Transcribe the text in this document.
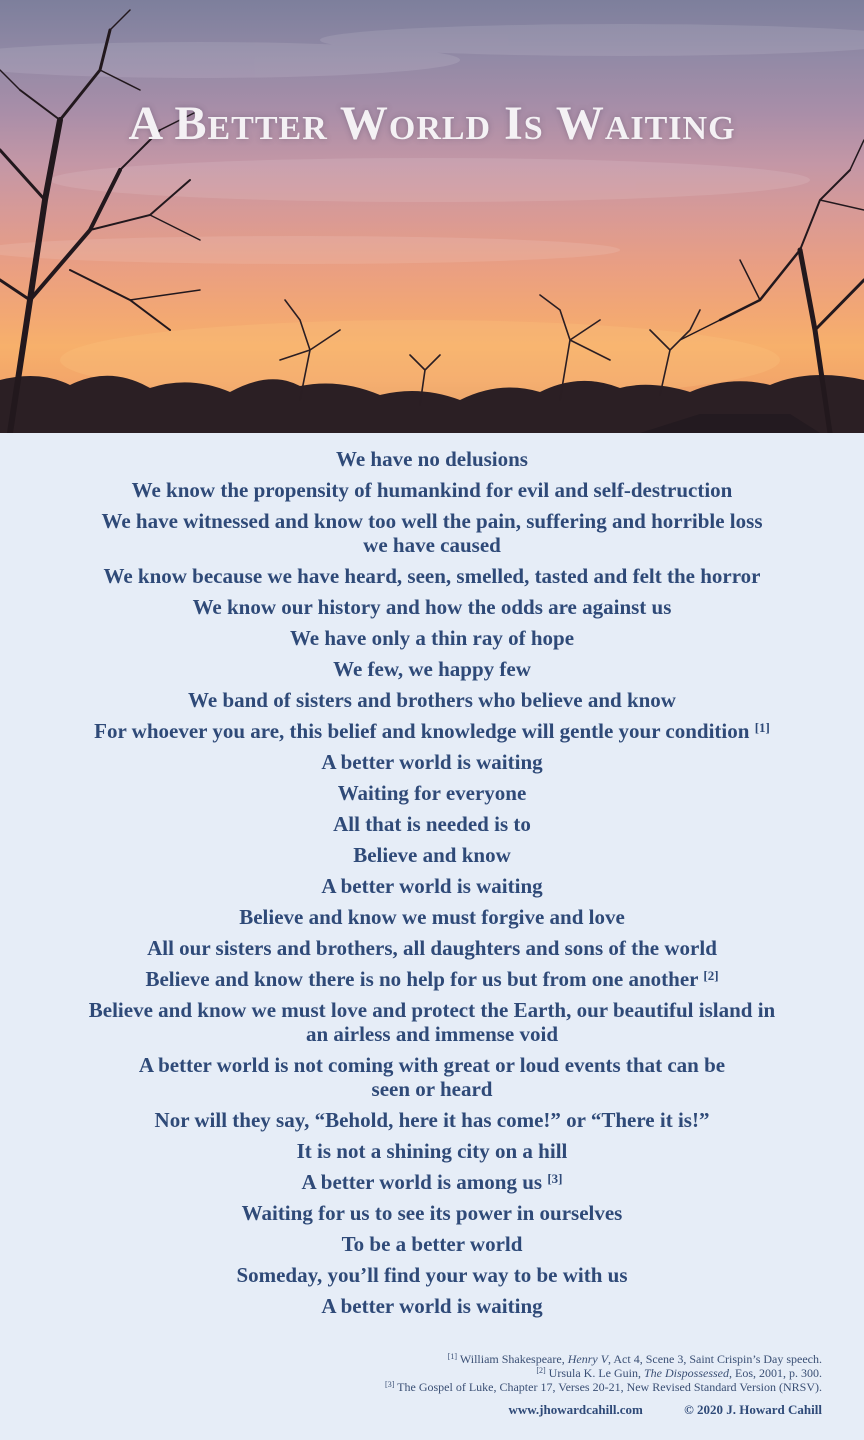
A Better World Is Waiting

We have no delusions

We know the propensity of humankind for evil and self-destruction

We have witnessed and know too well the pain, suffering and horrible loss
we have caused

We know because we have heard, seen, smelled, tasted and felt the horror

We know our history and how the odds are against us

We have only a thin ray of hope

We few, we happy few

We band of sisters and brothers who believe and know

For whoever you are, this belief and knowledge will gentle your condition [1]

A better world is waiting

Waiting for everyone

All that is needed is to

Believe and know

A better world is waiting

Believe and know we must forgive and love

All our sisters and brothers, all daughters and sons of the world

Believe and know there is no help for us but from one another [2]

Believe and know we must love and protect the Earth, our beautiful island in
an airless and immense void

A better world is not coming with great or loud events that can be
seen or heard

Nor will they say, “Behold, here it has come!” or “There it is!”

It is not a shining city on a hill

A better world is among us [3]

Waiting for us to see its power in ourselves

To be a better world

Someday, you’ll find your way to be with us

A better world is waiting

[1] William Shakespeare, Henry V, Act 4, Scene 3, Saint Crispin’s Day speech.
[2] Ursula K. Le Guin, The Dispossessed, Eos, 2001, p. 300.
[3] The Gospel of Luke, Chapter 17, Verses 20-21, New Revised Standard Version (NRSV).
www.jhowardcahill.com	© 2020 J. Howard Cahill
